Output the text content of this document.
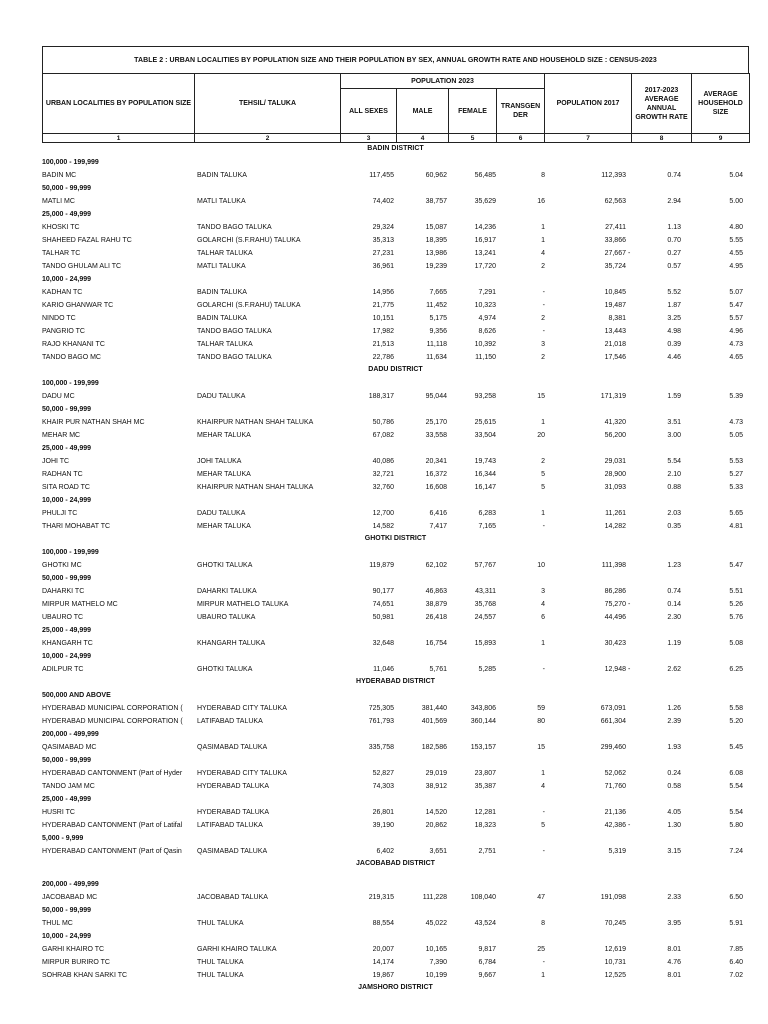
TABLE 2 : URBAN LOCALITIES BY POPULATION SIZE AND THEIR POPULATION BY SEX, ANNUAL GROWTH RATE AND HOUSEHOLD SIZE : CENSUS-2023
URBAN LOCALITIES BY POPULATION SIZE	TEHSIL/ TALUKA	POPULATION 2023				POPULATION 2017	2017-2023 AVERAGE ANNUAL GROWTH RATE	AVERAGE HOUSEHOLD SIZE
		ALL SEXES	MALE	FEMALE	TRANSGEN DER			
1	2	3	4	5	6	7	8	9
BADIN DISTRICT
100,000 - 199,999
BADIN MC	BADIN TALUKA	117,455	60,962	56,485	8	112,393	0.74	5.04
50,000 - 99,999
MATLI MC	MATLI TALUKA	74,402	38,757	35,629	16	62,563	2.94	5.00
25,000 - 49,999
KHOSKI TC	TANDO BAGO TALUKA	29,324	15,087	14,236	1	27,411	1.13	4.80
SHAHEED FAZAL RAHU TC	GOLARCHI (S.F.RAHU) TALUKA	35,313	18,395	16,917	1	33,866	0.70	5.55
TALHAR TC	TALHAR TALUKA	27,231	13,986	13,241	4	27,667 -	0.27	4.55
TANDO GHULAM ALI TC	MATLI TALUKA	36,961	19,239	17,720	2	35,724	0.57	4.95
10,000 - 24,999
KADHAN TC	BADIN TALUKA	14,956	7,665	7,291	-	10,845	5.52	5.07
KARIO GHANWAR TC	GOLARCHI (S.F.RAHU) TALUKA	21,775	11,452	10,323	-	19,487	1.87	5.47
NINDO TC	BADIN TALUKA	10,151	5,175	4,974	2	8,381	3.25	5.57
PANGRIO TC	TANDO BAGO TALUKA	17,982	9,356	8,626	-	13,443	4.98	4.96
RAJO KHANANI TC	TALHAR TALUKA	21,513	11,118	10,392	3	21,018	0.39	4.73
TANDO BAGO MC	TANDO BAGO TALUKA	22,786	11,634	11,150	2	17,546	4.46	4.65
DADU DISTRICT
100,000 - 199,999
DADU MC	DADU TALUKA	188,317	95,044	93,258	15	171,319	1.59	5.39
50,000 - 99,999
KHAIR PUR NATHAN SHAH MC	KHAIRPUR NATHAN SHAH TALUKA	50,786	25,170	25,615	1	41,320	3.51	4.73
MEHAR MC	MEHAR TALUKA	67,082	33,558	33,504	20	56,200	3.00	5.05
25,000 - 49,999
JOHI TC	JOHI TALUKA	40,086	20,341	19,743	2	29,031	5.54	5.53
RADHAN TC	MEHAR TALUKA	32,721	16,372	16,344	5	28,900	2.10	5.27
SITA ROAD TC	KHAIRPUR NATHAN SHAH TALUKA	32,760	16,608	16,147	5	31,093	0.88	5.33
10,000 - 24,999
PHULJI TC	DADU TALUKA	12,700	6,416	6,283	1	11,261	2.03	5.65
THARI MOHABAT TC	MEHAR TALUKA	14,582	7,417	7,165	-	14,282	0.35	4.81
GHOTKI DISTRICT
100,000 - 199,999
GHOTKI MC	GHOTKI TALUKA	119,879	62,102	57,767	10	111,398	1.23	5.47
50,000 - 99,999
DAHARKI TC	DAHARKI TALUKA	90,177	46,863	43,311	3	86,286	0.74	5.51
MIRPUR MATHELO MC	MIRPUR MATHELO TALUKA	74,651	38,879	35,768	4	75,270 -	0.14	5.26
UBAURO TC	UBAURO TALUKA	50,981	26,418	24,557	6	44,496	2.30	5.76
25,000 - 49,999
KHANGARH TC	KHANGARH TALUKA	32,648	16,754	15,893	1	30,423	1.19	5.08
10,000 - 24,999
ADILPUR TC	GHOTKI TALUKA	11,046	5,761	5,285	-	12,948 -	2.62	6.25
HYDERABAD DISTRICT
500,000 AND ABOVE
HYDERABAD MUNICIPAL CORPORATION (	HYDERABAD CITY TALUKA	725,305	381,440	343,806	59	673,091	1.26	5.58
HYDERABAD MUNICIPAL CORPORATION (	LATIFABAD TALUKA	761,793	401,569	360,144	80	661,304	2.39	5.20
200,000 - 499,999
QASIMABAD MC	QASIMABAD TALUKA	335,758	182,586	153,157	15	299,460	1.93	5.45
50,000 - 99,999
HYDERABAD CANTONMENT (Part of Hyder	HYDERABAD CITY TALUKA	52,827	29,019	23,807	1	52,062	0.24	6.08
TANDO JAM MC	HYDERABAD TALUKA	74,303	38,912	35,387	4	71,760	0.58	5.54
25,000 - 49,999
HUSRI TC	HYDERABAD TALUKA	26,801	14,520	12,281	-	21,136	4.05	5.54
HYDERABAD CANTONMENT (Part of Latifal	LATIFABAD TALUKA	39,190	20,862	18,323	5	42,386 -	1.30	5.80
5,000 - 9,999
HYDERABAD CANTONMENT (Part of Qasin	QASIMABAD TALUKA	6,402	3,651	2,751	-	5,319	3.15	7.24
JACOBABAD DISTRICT
200,000 - 499,999
JACOBABAD MC	JACOBABAD TALUKA	219,315	111,228	108,040	47	191,098	2.33	6.50
50,000 - 99,999
THUL MC	THUL TALUKA	88,554	45,022	43,524	8	70,245	3.95	5.91
10,000 - 24,999
GARHI KHAIRO TC	GARHI KHAIRO TALUKA	20,007	10,165	9,817	25	12,619	8.01	7.85
MIRPUR BURIRO TC	THUL TALUKA	14,174	7,390	6,784	-	10,731	4.76	6.40
SOHRAB KHAN SARKI TC	THUL TALUKA	19,867	10,199	9,667	1	12,525	8.01	7.02
JAMSHORO DISTRICT
